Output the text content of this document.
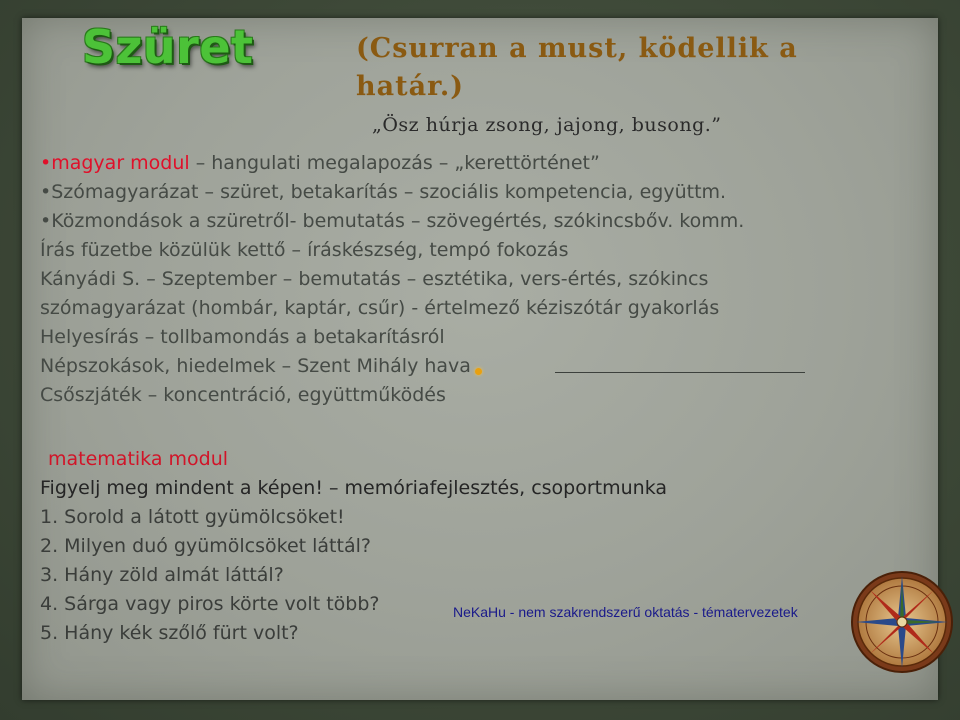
Szüret	(Csurran a must, ködellik a határ.)
„Ösz húrja zsong, jajong, busong.”
•magyar modul – hangulati megalapozás – „kerettörténet”
•Szómagyarázat – szüret, betakarítás – szociális kompetencia, együttm.
•Közmondások a szüretről- bemutatás – szövegértés, szókincsbőv. komm.
Írás füzetbe közülük kettő – íráskészség, tempó fokozás
Kányádi S. – Szeptember – bemutatás – esztétika, vers-értés, szókincs
szómagyarázat (hombár, kaptár, csűr) - értelmező kéziszótár gyakorlás
Helyesírás – tollbamondás a betakarításról
Népszokások, hiedelmek – Szent Mihály hava
Csőszjáték – koncentráció, együttműködés
matematika modul
Figyelj meg mindent a képen! – memóriafejlesztés, csoportmunka
1. Sorold a látott gyümölcsöket!
2. Milyen duó gyümölcsöket láttál?
3. Hány zöld almát láttál?
4. Sárga vagy piros körte volt több?
5. Hány kék szőlő fürt volt?
NeKaHu - nem szakrendszerű oktatás - tématervezetek
